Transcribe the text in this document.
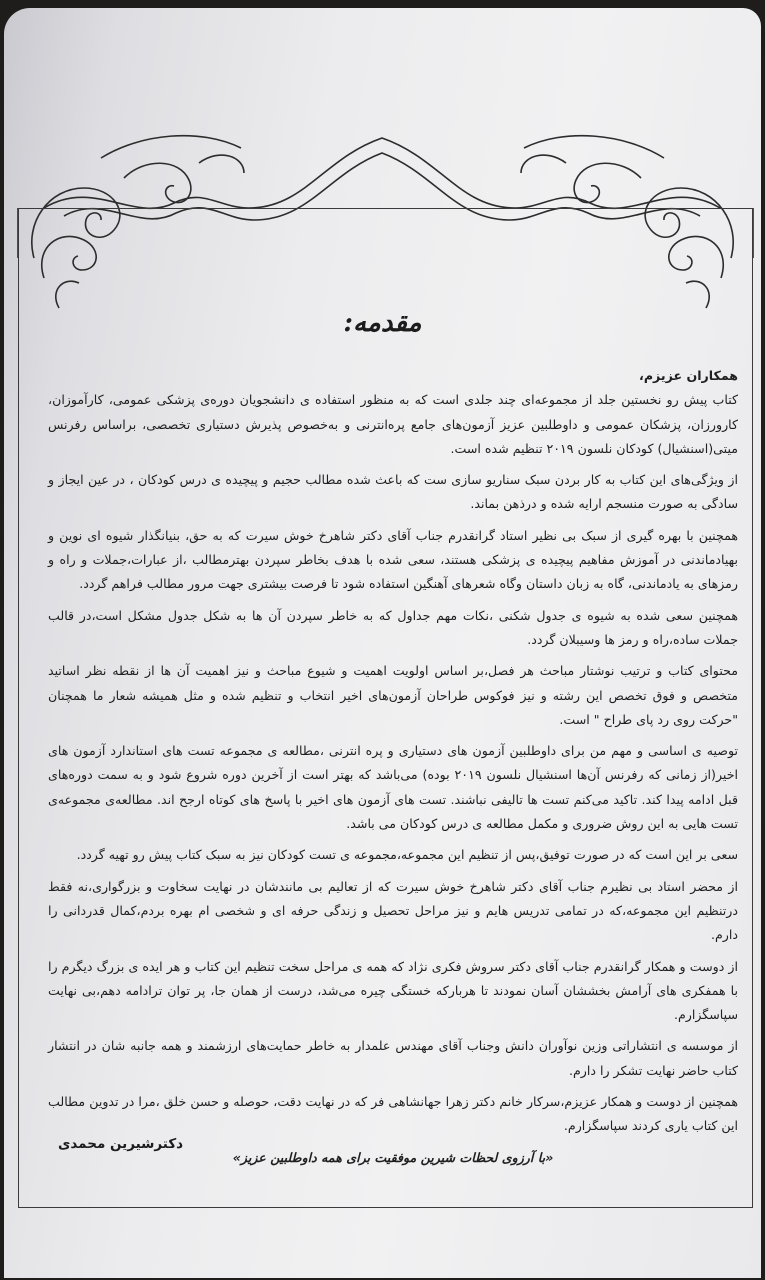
مقدمه:

همکاران عزیزم،

کتاب پیش رو نخستین جلد از مجموعه‌ای چند جلدی است که به منظور استفاده ی دانشجویان دوره‌ی پزشکی عمومی، کارآموزان، کارورزان، پزشکان عمومی و داوطلبین عزیز آزمون‌های جامع پره‌انترنی و به‌خصوص پذیرش دستیاری تخصصی، براساس رفرنس میتی(اسنشیال) کودکان نلسون ۲۰۱۹ تنظیم شده است.

از ویژگی‌های این کتاب به کار بردن سبک سناریو سازی ست که باعث شده مطالب حجیم و پیچیده ی درس کودکان ، در عین ایجاز و سادگی به صورت منسجم ارایه شده و درذهن بماند.

همچنین با بهره گیری از سبک بی نظیر استاد گرانقدرم جناب آقای دکتر شاهرخ خوش سیرت که به حق، بنیانگذار شیوه ای نوین و بهیادماندنی در آموزش مفاهیم پیچیده ی پزشکی هستند، سعی شده با هدف بخاطر سپردن بهترمطالب ،از عبارات،جملات و راه و رمزهای به یادماندنی، گاه به زبان داستان وگاه شعرهای آهنگین استفاده شود تا فرصت بیشتری جهت مرور مطالب فراهم گردد.

همچنین سعی شده به شیوه ی جدول شکنی ،نکات مهم جداول که به خاطر سپردن آن ها به شکل جدول مشکل است،در قالب جملات ساده،راه و رمز ها وسیبلان گردد.

محتوای کتاب و ترتیب نوشتار مباحث هر فصل،بر اساس اولویت اهمیت و شیوع مباحث و نیز اهمیت آن ها از نقطه نظر اساتید متخصص و فوق تخصص این رشته و نیز فوکوس طراحان آزمون‌های اخیر انتخاب و تنظیم شده و مثل همیشه شعار ما همچنان "حرکت روی رد پای طراح " است.

توصیه ی اساسی و مهم من برای داوطلبین آزمون های دستیاری و پره انترنی ،مطالعه ی مجموعه تست های استاندارد آزمون های اخیر(از زمانی که رفرنس آن‌ها اسنشیال نلسون ۲۰۱۹ بوده) می‌باشد که بهتر است از آخرین دوره شروع شود و به سمت دوره‌های قبل ادامه پیدا کند. تاکید می‌کنم تست ها تالیفی نباشند. تست های آزمون های اخیر با پاسخ های کوتاه ارجح اند. مطالعه‌ی مجموعه‌ی تست هایی به این روش ضروری و مکمل مطالعه ی درس کودکان می باشد.

سعی بر این است که در صورت توفیق،پس از تنظیم این مجموعه،مجموعه ی تست کودکان نیز به سبک کتاب پیش رو تهیه گردد.

از محضر استاد بی نظیرم جناب آقای دکتر شاهرخ خوش سیرت که از تعالیم بی مانندشان در نهایت سخاوت و بزرگواری،نه فقط درتنظیم این مجموعه،که در تمامی تدریس هایم و نیز مراحل تحصیل و زندگی حرفه ای و شخصی ام بهره بردم،کمال قدردانی را دارم.

از دوست و همکار گرانقدرم جناب آقای دکتر سروش فکری نژاد که همه ی مراحل سخت تنظیم این کتاب و هر ایده ی بزرگ دیگرم را با همفکری های آرامش بخششان آسان نمودند تا هربارکه خستگی چیره می‌شد، درست از همان جا، پر توان ترادامه دهم،بی نهایت سپاسگزارم.

از موسسه ی انتشاراتی وزین نوآوران دانش وجناب آقای مهندس علمدار به خاطر حمایت‌های ارزشمند و همه جانبه شان در انتشار کتاب حاضر نهایت تشکر را دارم.

همچنین از دوست و همکار عزیزم،سرکار خانم دکتر زهرا جهانشاهی فر که در نهایت دقت، حوصله و حسن خلق ،مرا در تدوین مطالب این کتاب یاری کردند سپاسگزارم.

«با آرزوی لحظات شیرین موفقیت برای همه داوطلبین عزیز»

دکترشیرین محمدی
